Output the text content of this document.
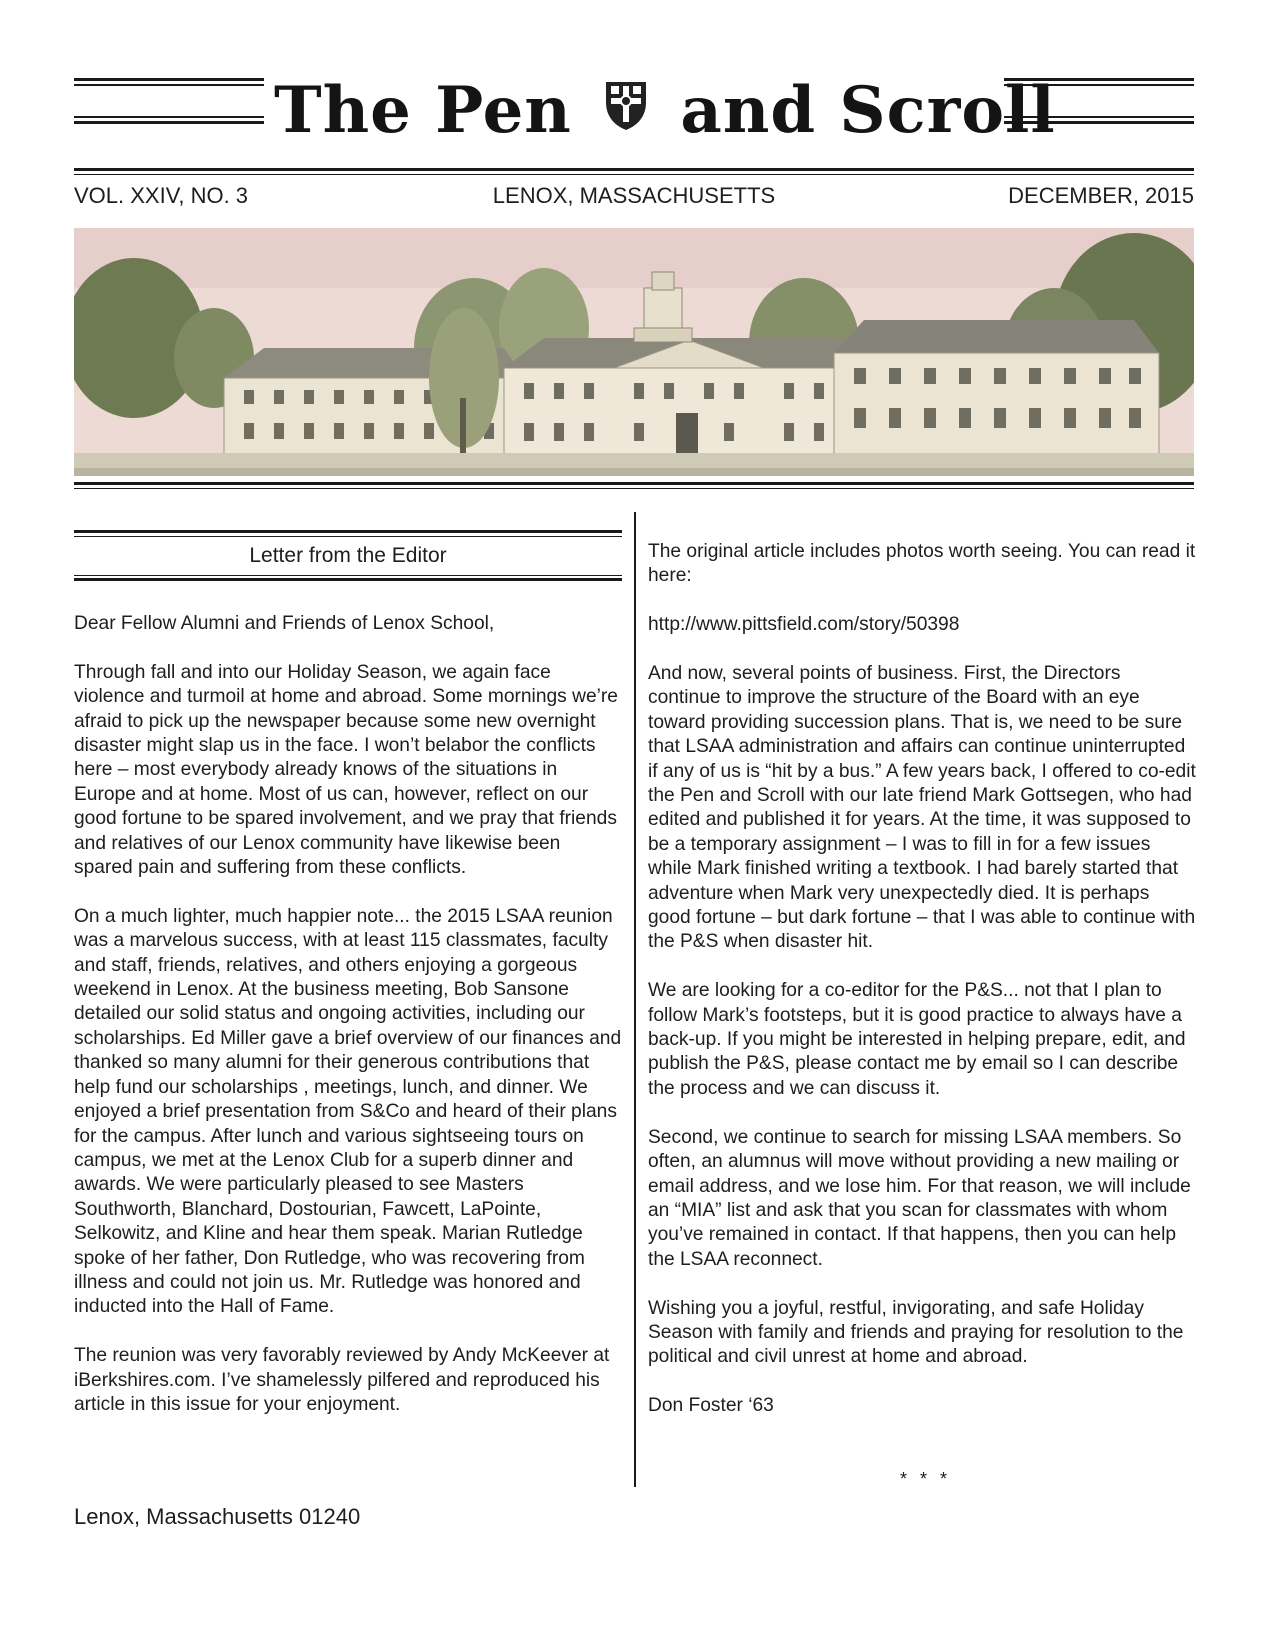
The Pen and Scroll
VOL. XXIV, NO. 3	LENOX, MASSACHUSETTS	DECEMBER, 2015
Letter from the Editor

Dear Fellow Alumni and Friends of Lenox School,

Through fall and into our Holiday Season, we again face violence and turmoil at home and abroad. Some mornings we’re afraid to pick up the newspaper because some new overnight disaster might slap us in the face. I won’t belabor the conflicts here – most everybody already knows of the situations in Europe and at home. Most of us can, however, reflect on our good fortune to be spared involvement, and we pray that friends and relatives of our Lenox community have likewise been spared pain and suffering from these conflicts.

On a much lighter, much happier note... the 2015 LSAA reunion was a marvelous success, with at least 115 classmates, faculty and staff, friends, relatives, and others enjoying a gorgeous weekend in Lenox. At the business meeting, Bob Sansone detailed our solid status and ongoing activities, including our scholarships. Ed Miller gave a brief overview of our finances and thanked so many alumni for their generous contributions that help fund our scholarships , meetings, lunch, and dinner. We enjoyed a brief presentation from S&Co and heard of their plans for the campus. After lunch and various sightseeing tours on campus, we met at the Lenox Club for a superb dinner and awards. We were particularly pleased to see Masters Southworth, Blanchard, Dostourian, Fawcett, LaPointe, Selkowitz, and Kline and hear them speak. Marian Rutledge spoke of her father, Don Rutledge, who was recovering from illness and could not join us. Mr. Rutledge was honored and inducted into the Hall of Fame.

The reunion was very favorably reviewed by Andy McKeever at iBerkshires.com. I’ve shamelessly pilfered and reproduced his article in this issue for your enjoyment.

The original article includes photos worth seeing. You can read it here:

http://www.pittsfield.com/story/50398

And now, several points of business. First, the Directors continue to improve the structure of the Board with an eye toward providing succession plans. That is, we need to be sure that LSAA administration and affairs can continue uninterrupted if any of us is “hit by a bus.” A few years back, I offered to co-edit the Pen and Scroll with our late friend Mark Gottsegen, who had edited and published it for years. At the time, it was supposed to be a temporary assignment – I was to fill in for a few issues while Mark finished writing a textbook. I had barely started that adventure when Mark very unexpectedly died. It is perhaps good fortune – but dark fortune – that I was able to continue with the P&S when disaster hit.

We are looking for a co-editor for the P&S... not that I plan to follow Mark’s footsteps, but it is good practice to always have a back-up. If you might be interested in helping prepare, edit, and publish the P&S, please contact me by email so I can describe the process and we can discuss it.

Second, we continue to search for missing LSAA members. So often, an alumnus will move without providing a new mailing or email address, and we lose him. For that reason, we will include an “MIA” list and ask that you scan for classmates with whom you’ve remained in contact. If that happens, then you can help the LSAA reconnect.

Wishing you a joyful, restful, invigorating, and safe Holiday Season with family and friends and praying for resolution to the political and civil unrest at home and abroad.

Don Foster ‘63

* * *
Lenox, Massachusetts 01240
